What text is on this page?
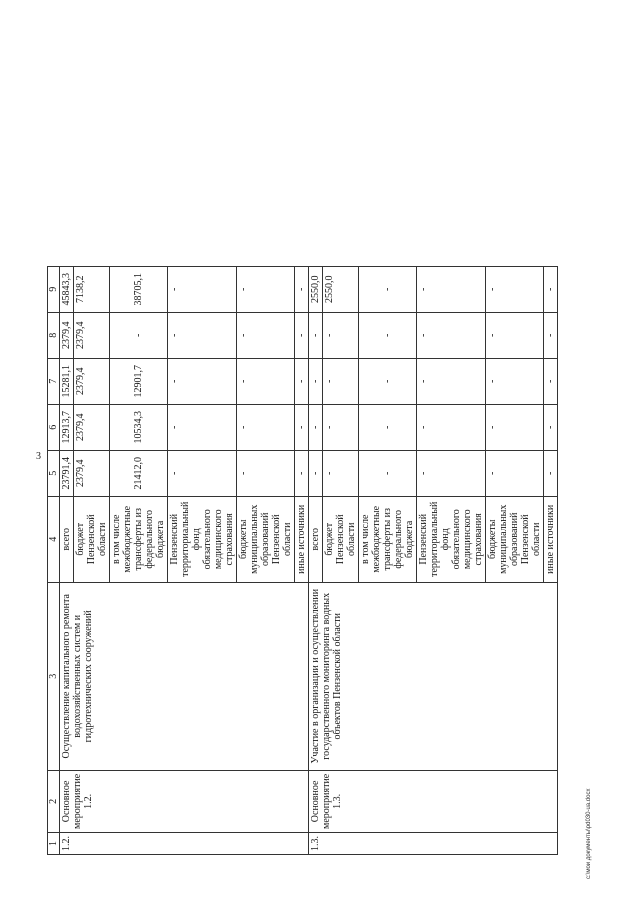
3
1	2	3	4	5	6	7	8	9
1.2.	Основное мероприятие 1.2.	Осуществление капитального ремонта водохозяйственных систем и гидротехнических сооружений	всего	23791,4	12913,7	15281,1	2379,4	45843,3
			бюджет Пензенской области	2379,4	2379,4	2379,4	2379,4	7138,2
			в том числе межбюджетные трансферты из федерального бюджета	21412,0	10534,3	12901,7	-	38705,1
			Пензенский территориальный фонд обязательного медицинского страхования	-	-	-	-	-
			бюджеты муниципальных образований Пензенской области	-	-	-	-	-
			иные источники	-	-	-	-	-
1.3.	Основное мероприятие 1.3.	Участие в организации и осуществлении государственного мониторинга водных объектов Пензенской области	всего	-	-	-	-	2550,0
			бюджет Пензенской области	-	-	-	-	2550,0
			в том числе межбюджетные трансферты из федерального бюджета	-	-	-	-	-
			Пензенский территориальный фонд обязательного медицинского страхования	-	-	-	-	-
			бюджеты муниципальных образований Пензенской области	-	-	-	-	-
			иные источники	-	-	-	-	-
c:\мои документы\pd030-ua.docx
